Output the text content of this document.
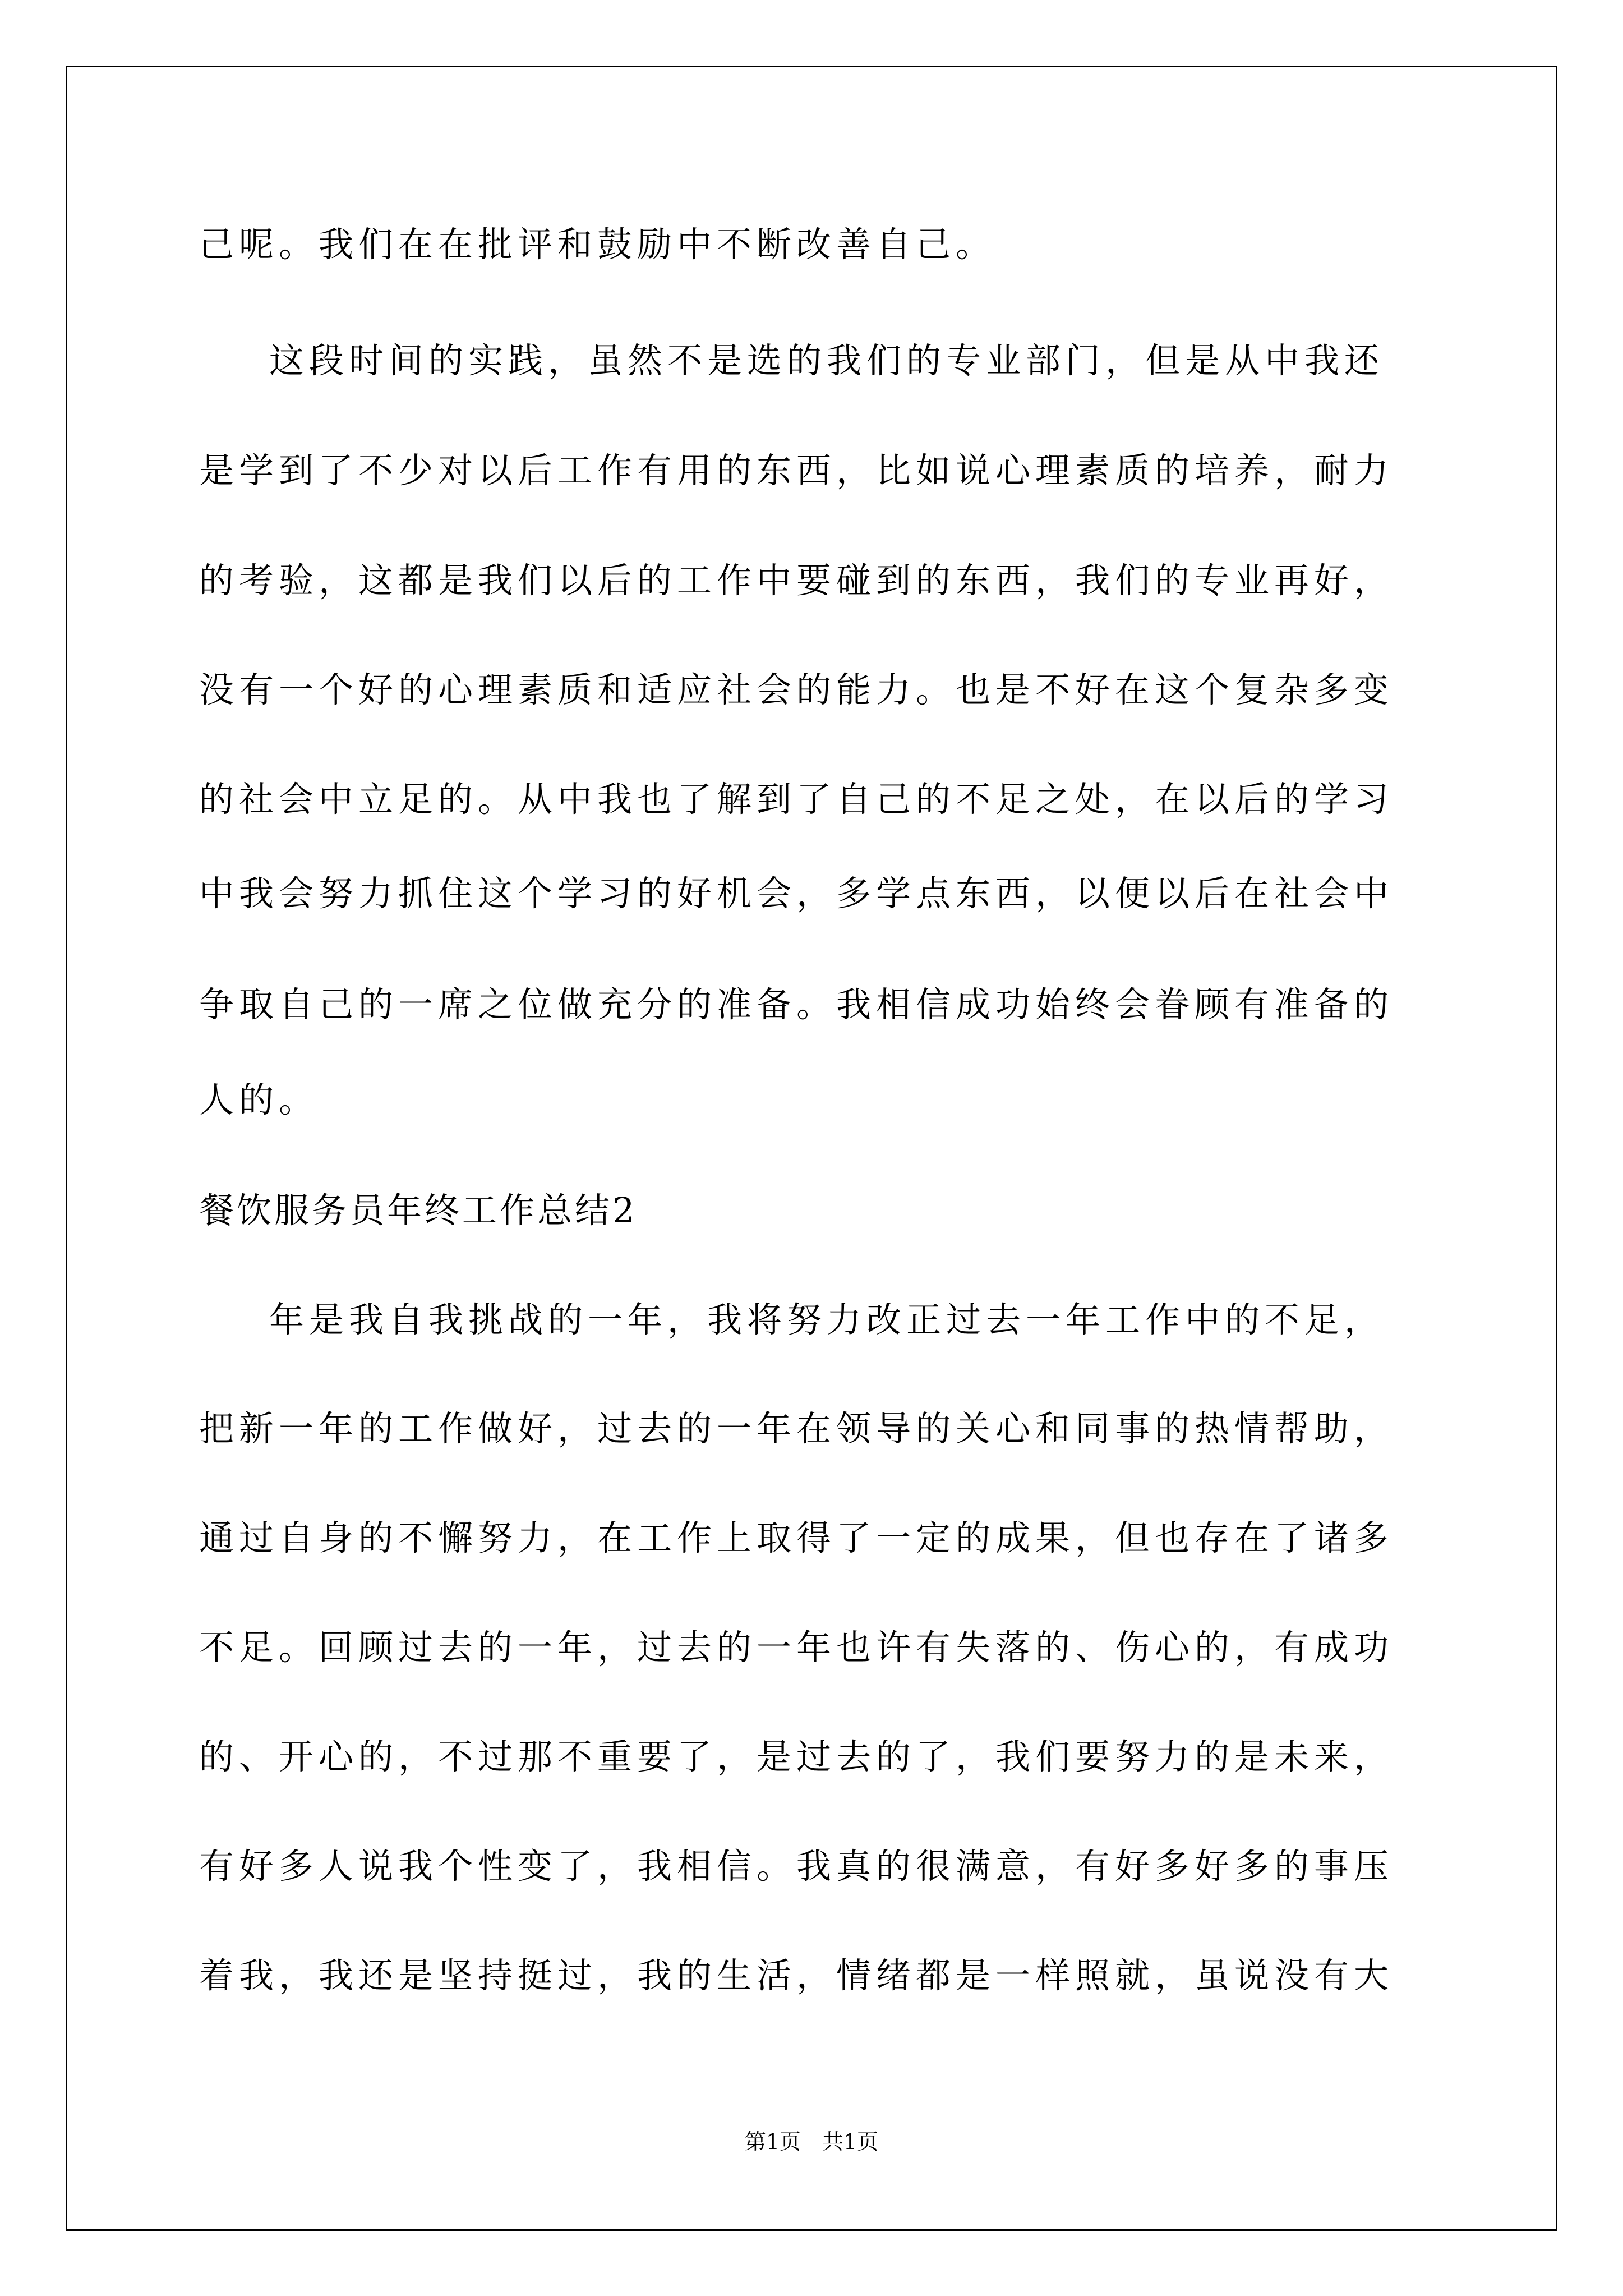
己呢。我们在在批评和鼓励中不断改善自己。
这段时间的实践，虽然不是选的我们的专业部门，但是从中我还
是学到了不少对以后工作有用的东西，比如说心理素质的培养，耐力
的考验，这都是我们以后的工作中要碰到的东西，我们的专业再好，
没有一个好的心理素质和适应社会的能力。也是不好在这个复杂多变
的社会中立足的。从中我也了解到了自己的不足之处，在以后的学习
中我会努力抓住这个学习的好机会，多学点东西，以便以后在社会中
争取自己的一席之位做充分的准备。我相信成功始终会眷顾有准备的
人的。
餐饮服务员年终工作总结2
年是我自我挑战的一年，我将努力改正过去一年工作中的不足，
把新一年的工作做好，过去的一年在领导的关心和同事的热情帮助，
通过自身的不懈努力，在工作上取得了一定的成果，但也存在了诸多
不足。回顾过去的一年，过去的一年也许有失落的、伤心的，有成功
的、开心的，不过那不重要了，是过去的了，我们要努力的是未来，
有好多人说我个性变了，我相信。我真的很满意，有好多好多的事压
着我，我还是坚持挺过，我的生活，情绪都是一样照就，虽说没有大
第1页　共1页
